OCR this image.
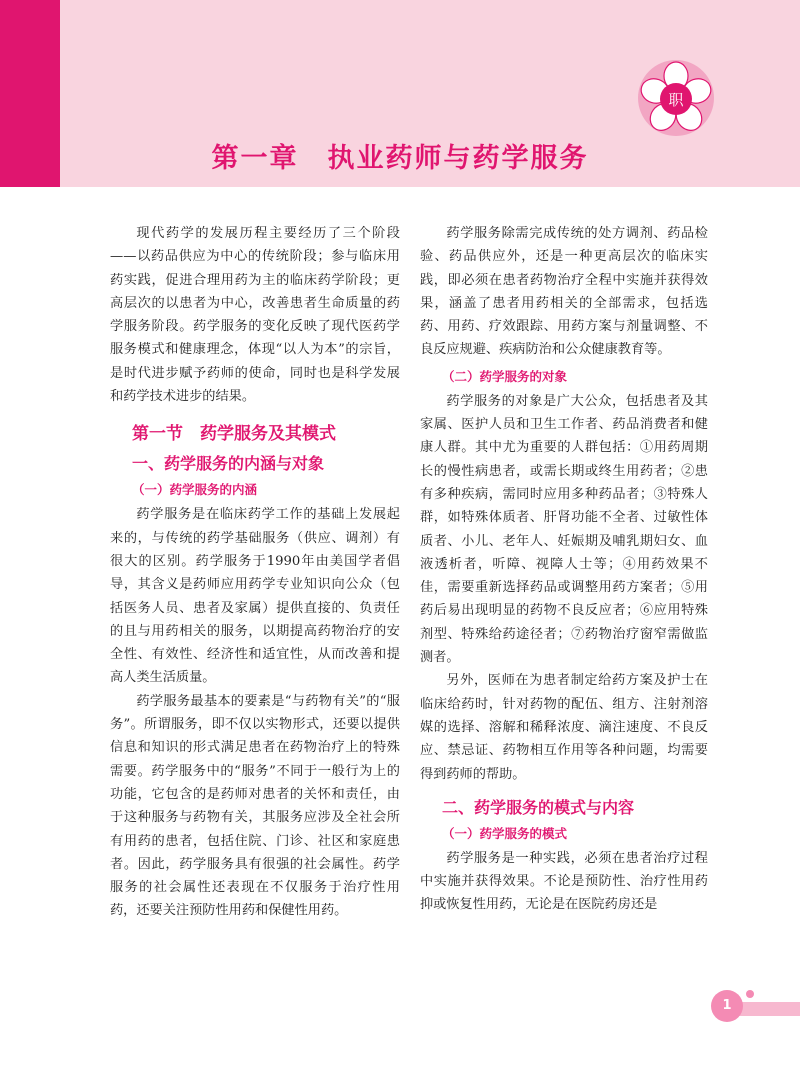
职
第一章　执业药师与药学服务

现代药学的发展历程主要经历了三个阶段——以药品供应为中心的传统阶段；参与临床用药实践，促进合理用药为主的临床药学阶段；更高层次的以患者为中心，改善患者生命质量的药学服务阶段。药学服务的变化反映了现代医药学服务模式和健康理念，体现“以人为本”的宗旨，是时代进步赋予药师的使命，同时也是科学发展和药学技术进步的结果。

第一节　药学服务及其模式
一、药学服务的内涵与对象
（一）药学服务的内涵

药学服务是在临床药学工作的基础上发展起来的，与传统的药学基础服务（供应、调剂）有很大的区别。药学服务于1990年由美国学者倡导，其含义是药师应用药学专业知识向公众（包括医务人员、患者及家属）提供直接的、负责任的且与用药相关的服务，以期提高药物治疗的安全性、有效性、经济性和适宜性，从而改善和提高人类生活质量。

药学服务最基本的要素是“与药物有关”的“服务”。所谓服务，即不仅以实物形式，还要以提供信息和知识的形式满足患者在药物治疗上的特殊需要。药学服务中的“服务”不同于一般行为上的功能，它包含的是药师对患者的关怀和责任，由于这种服务与药物有关，其服务应涉及全社会所有用药的患者，包括住院、门诊、社区和家庭患者。因此，药学服务具有很强的社会属性。药学服务的社会属性还表现在不仅服务于治疗性用药，还要关注预防性用药和保健性用药。

药学服务除需完成传统的处方调剂、药品检验、药品供应外，还是一种更高层次的临床实践，即必须在患者药物治疗全程中实施并获得效果，涵盖了患者用药相关的全部需求，包括选药、用药、疗效跟踪、用药方案与剂量调整、不良反应规避、疾病防治和公众健康教育等。

（二）药学服务的对象

药学服务的对象是广大公众，包括患者及其家属、医护人员和卫生工作者、药品消费者和健康人群。其中尤为重要的人群包括：①用药周期长的慢性病患者，或需长期或终生用药者；②患有多种疾病，需同时应用多种药品者；③特殊人群，如特殊体质者、肝肾功能不全者、过敏性体质者、小儿、老年人、妊娠期及哺乳期妇女、血液透析者，听障、视障人士等；④用药效果不佳，需要重新选择药品或调整用药方案者；⑤用药后易出现明显的药物不良反应者；⑥应用特殊剂型、特殊给药途径者；⑦药物治疗窗窄需做监测者。

另外，医师在为患者制定给药方案及护士在临床给药时，针对药物的配伍、组方、注射剂溶媒的选择、溶解和稀释浓度、滴注速度、不良反应、禁忌证、药物相互作用等各种问题，均需要得到药师的帮助。

二、药学服务的模式与内容
（一）药学服务的模式

药学服务是一种实践，必须在患者治疗过程中实施并获得效果。不论是预防性、治疗性用药抑或恢复性用药，无论是在医院药房还是

1
